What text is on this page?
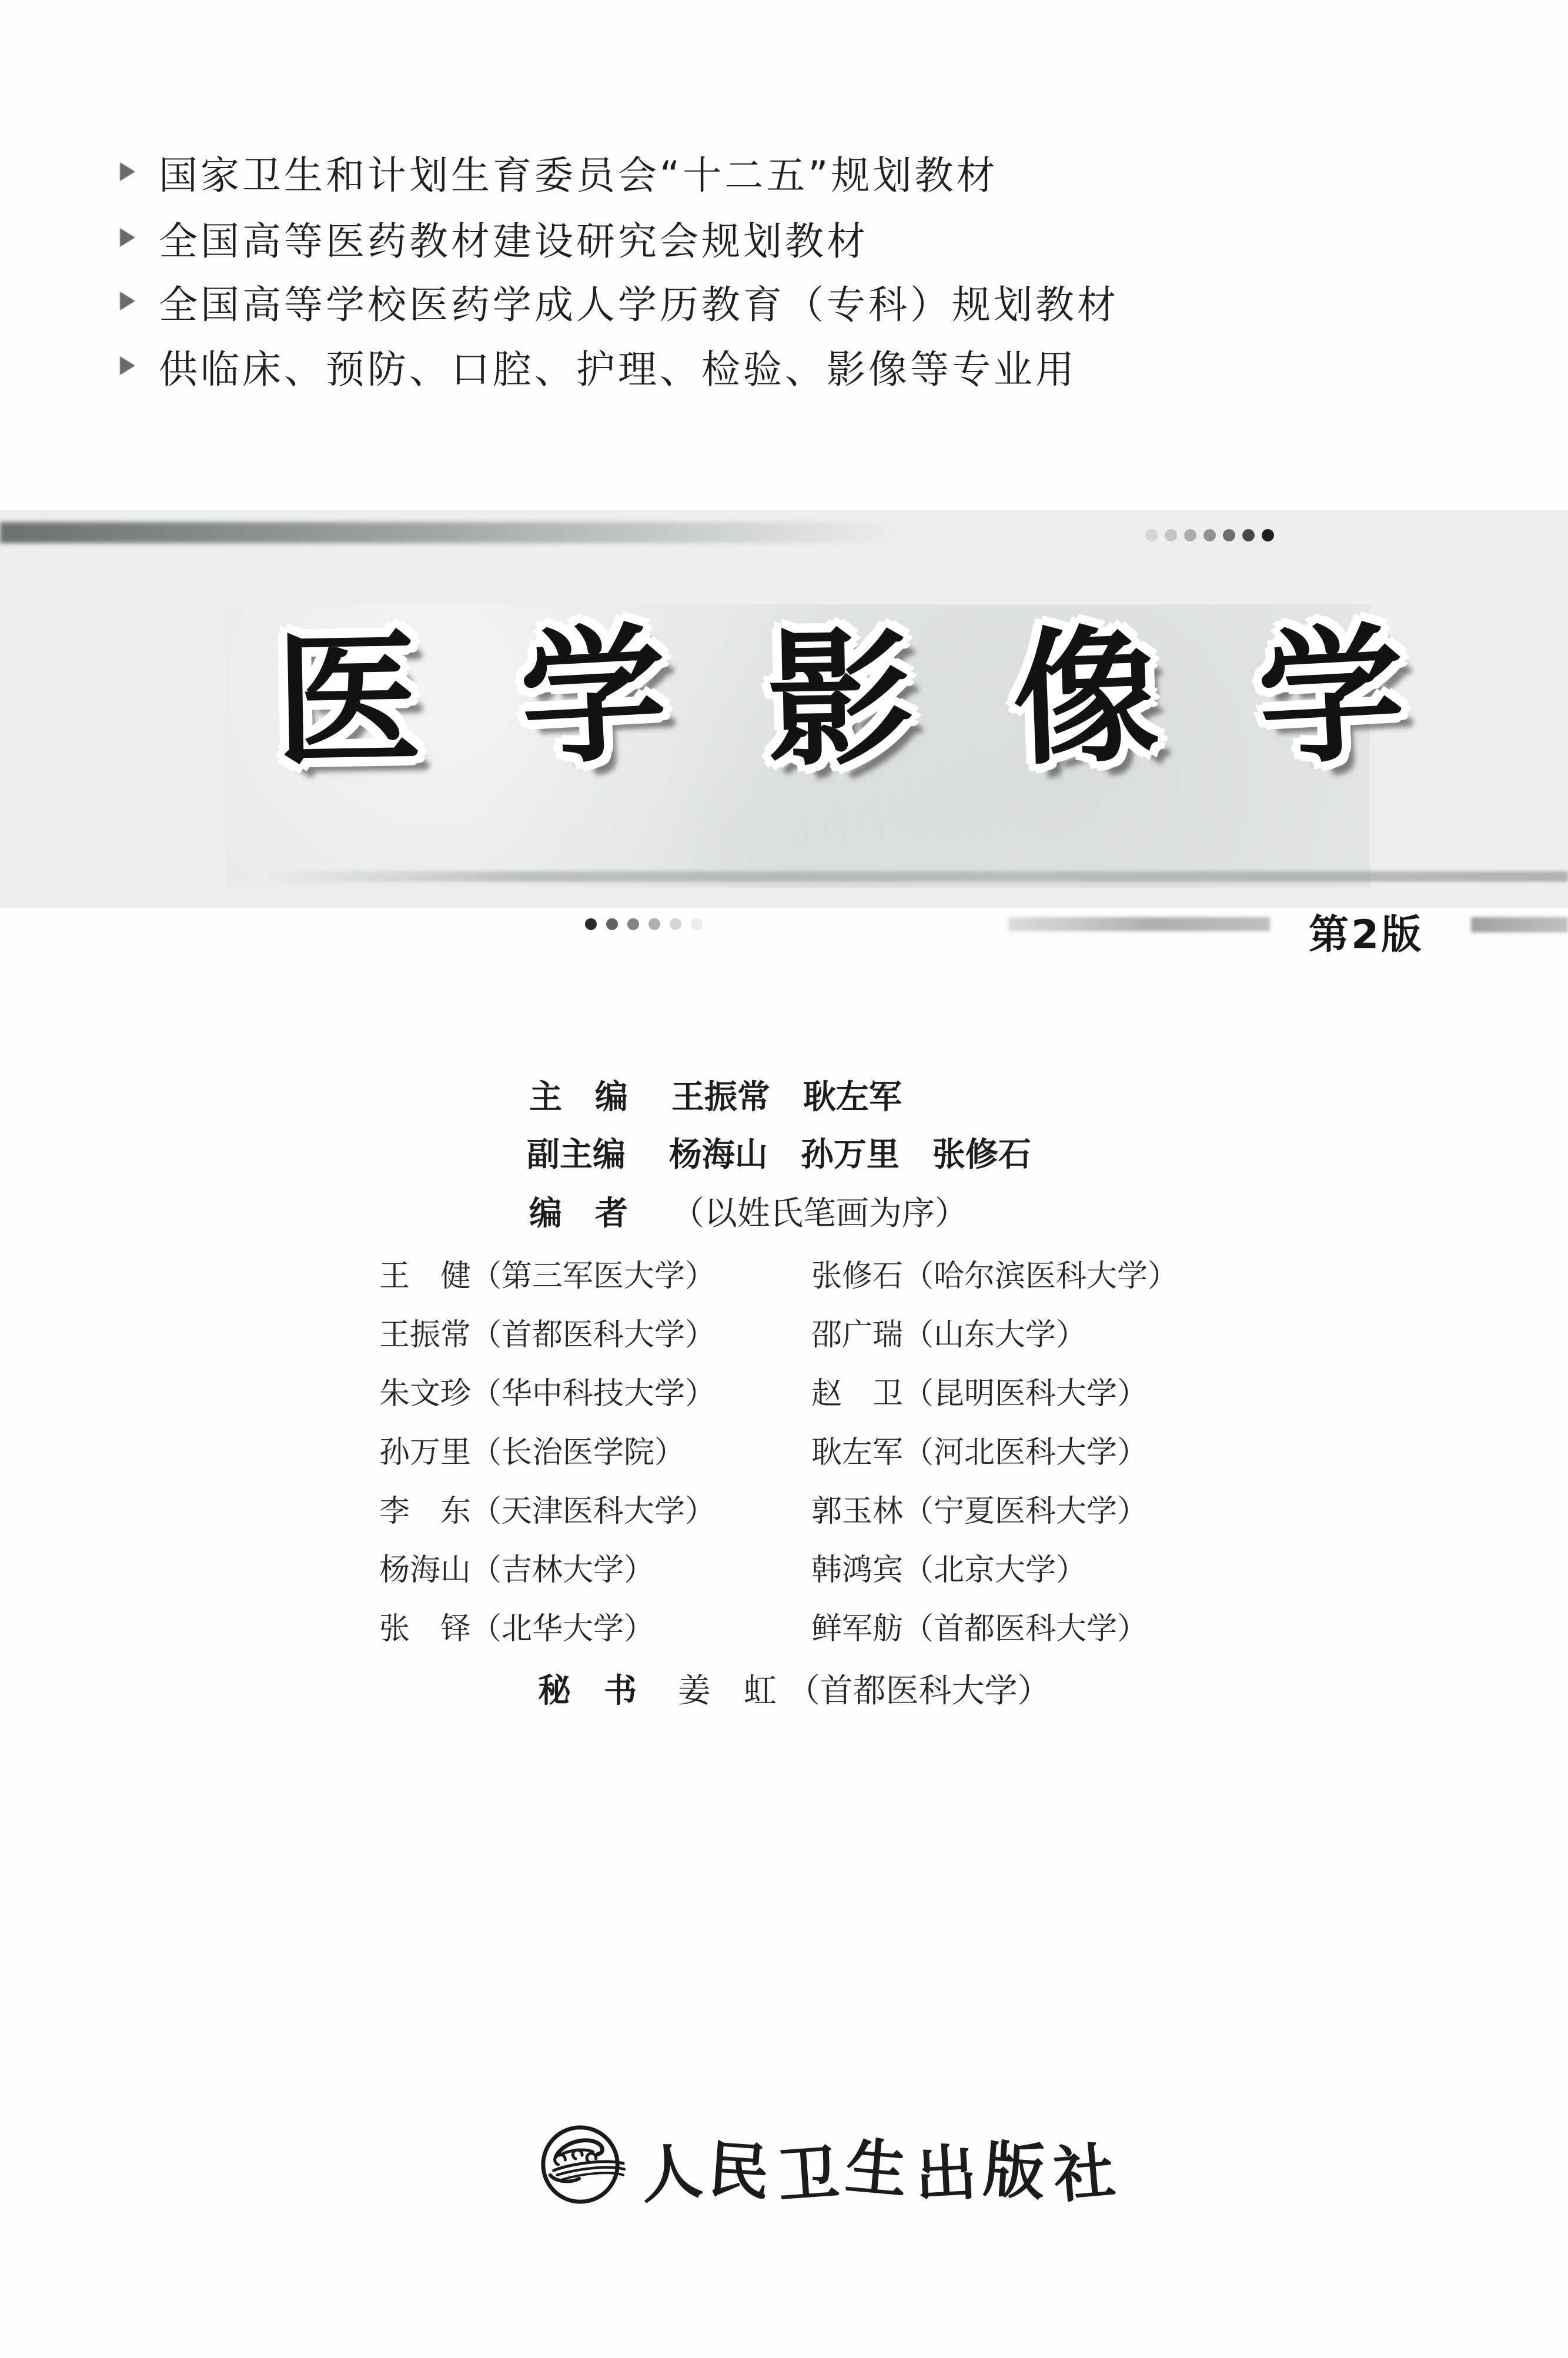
国家卫生和计划生育委员会“十二五”规划教材
全国高等医药教材建设研究会规划教材
全国高等学校医药学成人学历教育（专科）规划教材
供临床、预防、口腔、护理、检验、影像等专业用
医 学 影 像 学
第2版
主　编 王振常　耿左军
副主编 杨海山　孙万里　张修石
编　者 （以姓氏笔画为序）
王　健（第三军医大学）	张修石（哈尔滨医科大学）
王振常（首都医科大学）	邵广瑞（山东大学）
朱文珍（华中科技大学）	赵　卫（昆明医科大学）
孙万里（长治医学院）	耿左军（河北医科大学）
李　东（天津医科大学）	郭玉林（宁夏医科大学）
杨海山（吉林大学）	韩鸿宾（北京大学）
张　铎（北华大学）	鲜军舫（首都医科大学）
秘　书 姜　虹 （首都医科大学）
人 民 卫 生 出 版 社
